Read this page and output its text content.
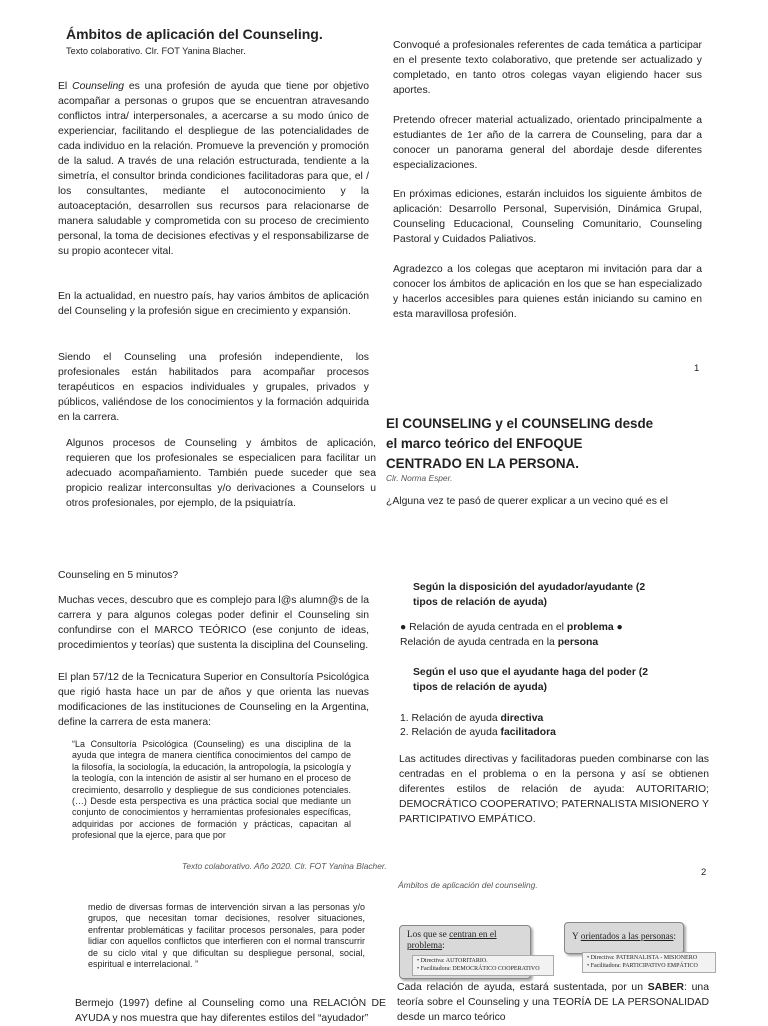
Ámbitos de aplicación del Counseling.
Texto colaborativo. Clr. FOT Yanina Blacher.

El Counseling es una profesión de ayuda que tiene por objetivo acompañar a personas o grupos que se encuentran atravesando conflictos intra/ interpersonales, a acercarse a su modo único de experienciar, facilitando el despliegue de las potencialidades de cada individuo en la relación. Promueve la prevención y promoción de la salud. A través de una relación estructurada, tendiente a la simetría, el consultor brinda condiciones facilitadoras para que, el / los consultantes, mediante el autoconocimiento y la autoaceptación, desarrollen sus recursos para relacionarse de manera saludable y comprometida con su proceso de crecimiento personal, la toma de decisiones efectivas y el responsabilizarse de su propio acontecer vital.

En la actualidad, en nuestro país, hay varios ámbitos de aplicación del Counseling y la profesión sigue en crecimiento y expansión.

Siendo el Counseling una profesión independiente, los profesionales están habilitados para acompañar procesos terapéuticos en espacios individuales y grupales, privados y públicos, valiéndose de los conocimientos y la formación adquirida en la carrera.

Algunos procesos de Counseling y ámbitos de aplicación, requieren que los profesionales se especialicen para facilitar un adecuado acompañamiento. También puede suceder que sea propicio realizar interconsultas y/o derivaciones a Counselors u otros profesionales, por ejemplo, de la psiquiatría.

Convoqué a profesionales referentes de cada temática a participar en el presente texto colaborativo, que pretende ser actualizado y completado, en tanto otros colegas vayan eligiendo hacer sus aportes.

Pretendo ofrecer material actualizado, orientado principalmente a estudiantes de 1er año de la carrera de Counseling, para dar a conocer un panorama general del abordaje desde diferentes especializaciones.

En próximas ediciones, estarán incluidos los siguiente ámbitos de aplicación: Desarrollo Personal, Supervisión, Dinámica Grupal, Counseling Educacional, Counseling Comunitario, Counseling Pastoral y Cuidados Paliativos.

Agradezco a los colegas que aceptaron mi invitación para dar a conocer los ámbitos de aplicación en los que se han especializado y hacerlos accesibles para quienes están iniciando su camino en esta maravillosa profesión.

1
El COUNSELING y el COUNSELING desde
el marco teórico del ENFOQUE
CENTRADO EN LA PERSONA.
Clr. Norma Esper.

¿Alguna vez te pasó de querer explicar a un vecino qué es el

Counseling en 5 minutos?

Muchas veces, descubro que es complejo para l@s alumn@s de la carrera y para algunos colegas poder definir el Counseling sin confundirse con el MARCO TEÓRICO (ese conjunto de ideas, procedimientos y teorías) que sustenta la disciplina del Counseling.

El plan 57/12 de la Tecnicatura Superior en Consultoría Psicológica que rigió hasta hace un par de años y que orienta las nuevas modificaciones de las instituciones de Counseling en la Argentina, define la carrera de esta manera:

“La Consultoría Psicológica (Counseling) es una disciplina de la ayuda que integra de manera científica conocimientos del campo de la filosofía, la sociología, la educación, la antropología, la psicología y la teología, con la intención de asistir al ser humano en el proceso de crecimiento, desarrollo y despliegue de sus condiciones potenciales. (…) Desde esta perspectiva es una práctica social que mediante un conjunto de conocimientos y herramientas profesionales específicas, adquiridas por acciones de formación y prácticas, capacitan al profesional que la ejerce, para que por

Texto colaborativo. Año 2020. Clr. FOT Yanina Blacher.
Según la disposición del ayudador/ayudante (2
tipos de relación de ayuda)
● Relación de ayuda centrada en el problema ●
Relación de ayuda centrada en la persona
Según el uso que el ayudante haga del poder (2
tipos de relación de ayuda)
1. Relación de ayuda directiva
2. Relación de ayuda facilitadora

Las actitudes directivas y facilitadoras pueden combinarse con las centradas en el problema o en la persona y así se obtienen diferentes estilos de relación de ayuda: AUTORITARIO; DEMOCRÁTICO COOPERATIVO; PATERNALISTA MISIONERO Y PARTICIPATIVO EMPÁTICO.

2
Ámbitos de aplicación del counseling.

medio de diversas formas de intervención sirvan a las personas y/o grupos, que necesitan tomar decisiones, resolver situaciones, enfrentar problemáticas y facilitar procesos personales, para poder lidiar con aquellos conflictos que interfieren con el normal transcurrir de su ciclo vital y que dificultan su despliegue personal, social, espiritual e interrelacional. ”

Bermejo (1997) define al Counseling como una RELACIÓN DE AYUDA y nos muestra que hay diferentes estilos del “ayudador”

Los que se centran en el problema:
• Directiva: AUTORITARIO.
• Facilitadora: DEMOCRÁTICO COOPERATIVO
Y orientados a las personas:
• Directiva: PATERNALISTA - MISIONERO
• Facilitadora: PARTICIPATIVO EMPÁTICO

Cada relación de ayuda, estará sustentada, por un SABER: una teoría sobre el Counseling y una TEORÍA DE LA PERSONALIDAD desde un marco teórico
